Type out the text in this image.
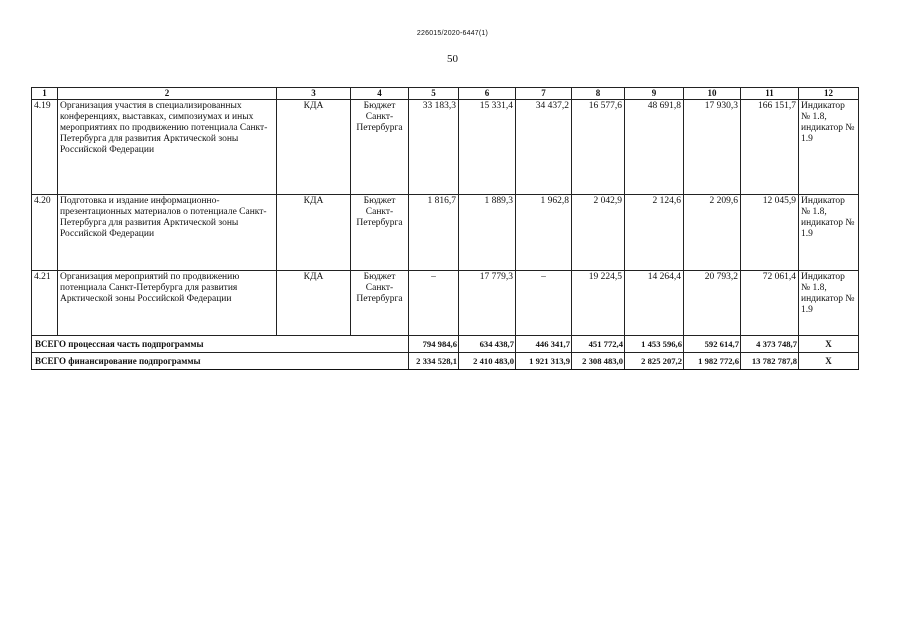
226015/2020-6447(1)
50
1	2	3	4	5	6	7	8	9	10	11	12
4.19	Организация участия в специализированных конференциях, выставках, симпозиумах и иных мероприятиях по продвижению потенциала Санкт-Петербурга для развития Арктической зоны Российской Федерации	КДА	Бюджет Санкт-Петербурга	33 183,3	15 331,4	34 437,2	16 577,6	48 691,8	17 930,3	166 151,7	Индикатор № 1.8, индикатор № 1.9
4.20	Подготовка и издание информационно-презентационных материалов о потенциале Санкт-Петербурга для развития Арктической зоны Российской Федерации	КДА	Бюджет Санкт-Петербурга	1 816,7	1 889,3	1 962,8	2 042,9	2 124,6	2 209,6	12 045,9	Индикатор № 1.8, индикатор № 1.9
4.21	Организация мероприятий по продвижению потенциала Санкт-Петербурга для развития Арктической зоны Российской Федерации	КДА	Бюджет Санкт-Петербурга	–	17 779,3	–	19 224,5	14 264,4	20 793,2	72 061,4	Индикатор № 1.8, индикатор № 1.9
ВСЕГО процессная часть подпрограммы				794 984,6	634 438,7	446 341,7	451 772,4	1 453 596,6	592 614,7	4 373 748,7	Х
ВСЕГО финансирование подпрограммы				2 334 528,1	2 410 483,0	1 921 313,9	2 308 483,0	2 825 207,2	1 982 772,6	13 782 787,8	Х
